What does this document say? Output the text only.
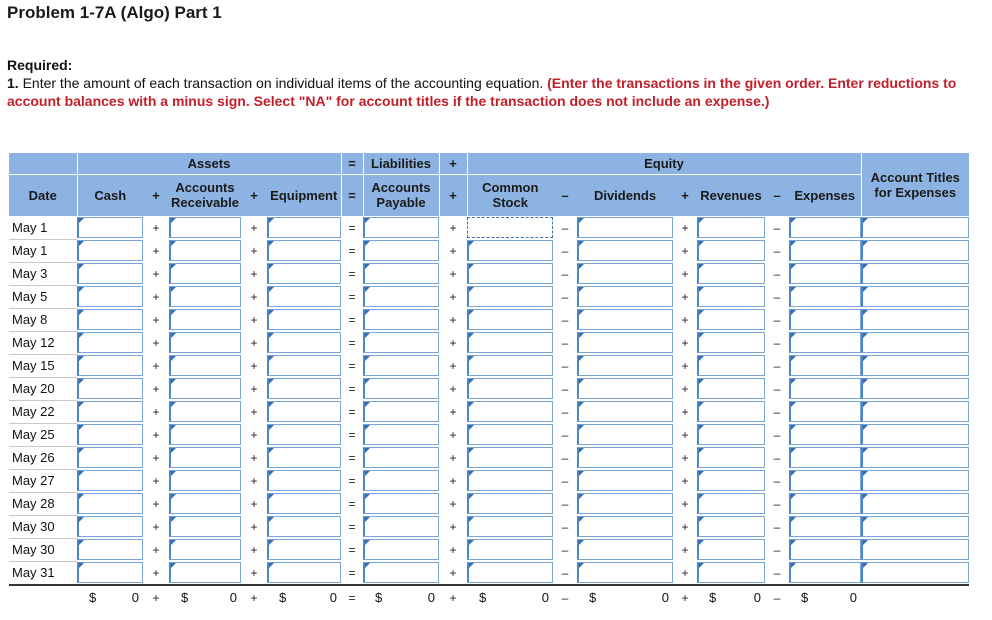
Problem 1-7A (Algo) Part 1
Required:
1. Enter the amount of each transaction on individual items of the accounting equation. (Enter the transactions in the given order. Enter reductions to account balances with a minus sign. Select "NA" for account titles if the transaction does not include an expense.)
	Assets					=	Liabilities	+	Equity							Account Titles for Expenses
Date	Cash	+	Accounts Receivable	+	Equipment	=	Accounts Payable	+	Common Stock	–	Dividends	+	Revenues	–	Expenses	
May 1		+		+		=		+		–		+		–	

May 1		+		+		=		+		–		+		–	

May 3		+		+		=		+		–		+		–	

May 5		+		+		=		+		–		+		–	

May 8		+		+		=		+		–		+		–	

May 12		+		+		=		+		–		+		–	

May 15		+		+		=		+		–		+		–	

May 20		+		+		=		+		–		+		–	

May 22		+		+		=		+		–		+		–	

May 25		+		+		=		+		–		+		–	

May 26		+		+		=		+		–		+		–	

May 27		+		+		=		+		–		+		–	

May 28		+		+		=		+		–		+		–	

May 30		+		+		=		+		–		+		–	

May 30		+		+		=		+		–		+		–	

May 31		+		+		=		+		–		+		–	

	$ 0	+	$ 0	+	$ 0	=	$ 0	+	$ 0	–	$ 0	+	$ 0	–	$ 0	
